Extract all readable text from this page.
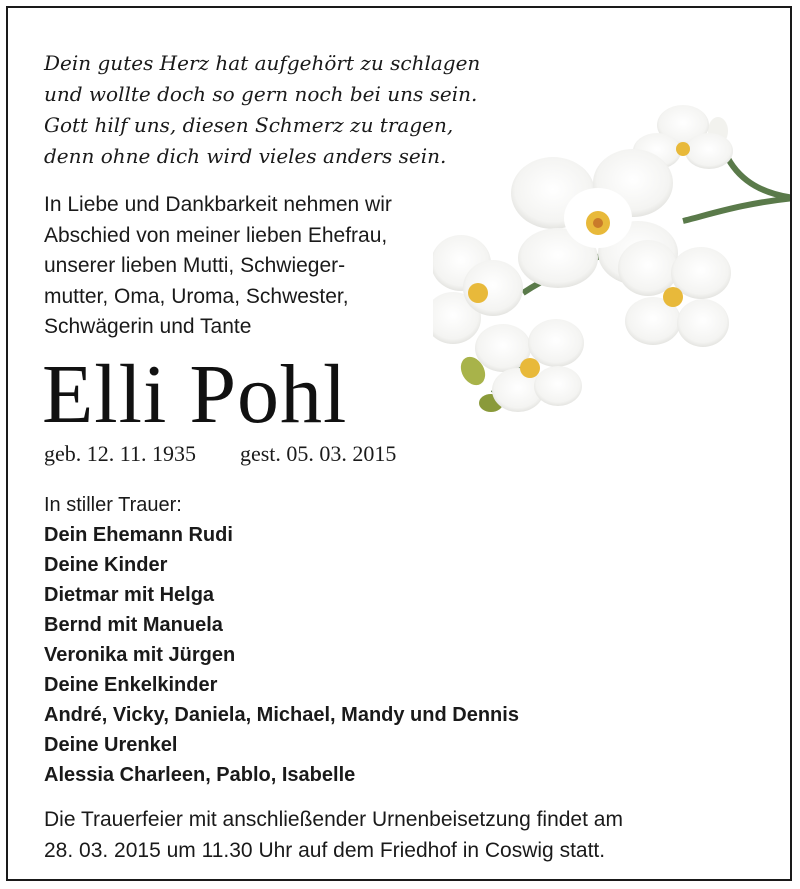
Dein gutes Herz hat aufgehört zu schlagen
und wollte doch so gern noch bei uns sein.
Gott hilf uns, diesen Schmerz zu tragen,
denn ohne dich wird vieles anders sein.
In Liebe und Dankbarkeit nehmen wir
Abschied von meiner lieben Ehefrau,
unserer lieben Mutti, Schwieger-
mutter, Oma, Uroma, Schwester,
Schwägerin und Tante
Elli Pohl
geb. 12. 11. 1935 gest. 05. 03. 2015
In stiller Trauer:
Dein Ehemann Rudi
Deine Kinder
Dietmar mit Helga
Bernd mit Manuela
Veronika mit Jürgen
Deine Enkelkinder
André, Vicky, Daniela, Michael, Mandy und Dennis
Deine Urenkel
Alessia Charleen, Pablo, Isabelle
Die Trauerfeier mit anschließender Urnenbeisetzung findet am
28. 03. 2015 um 11.30 Uhr auf dem Friedhof in Coswig statt.
